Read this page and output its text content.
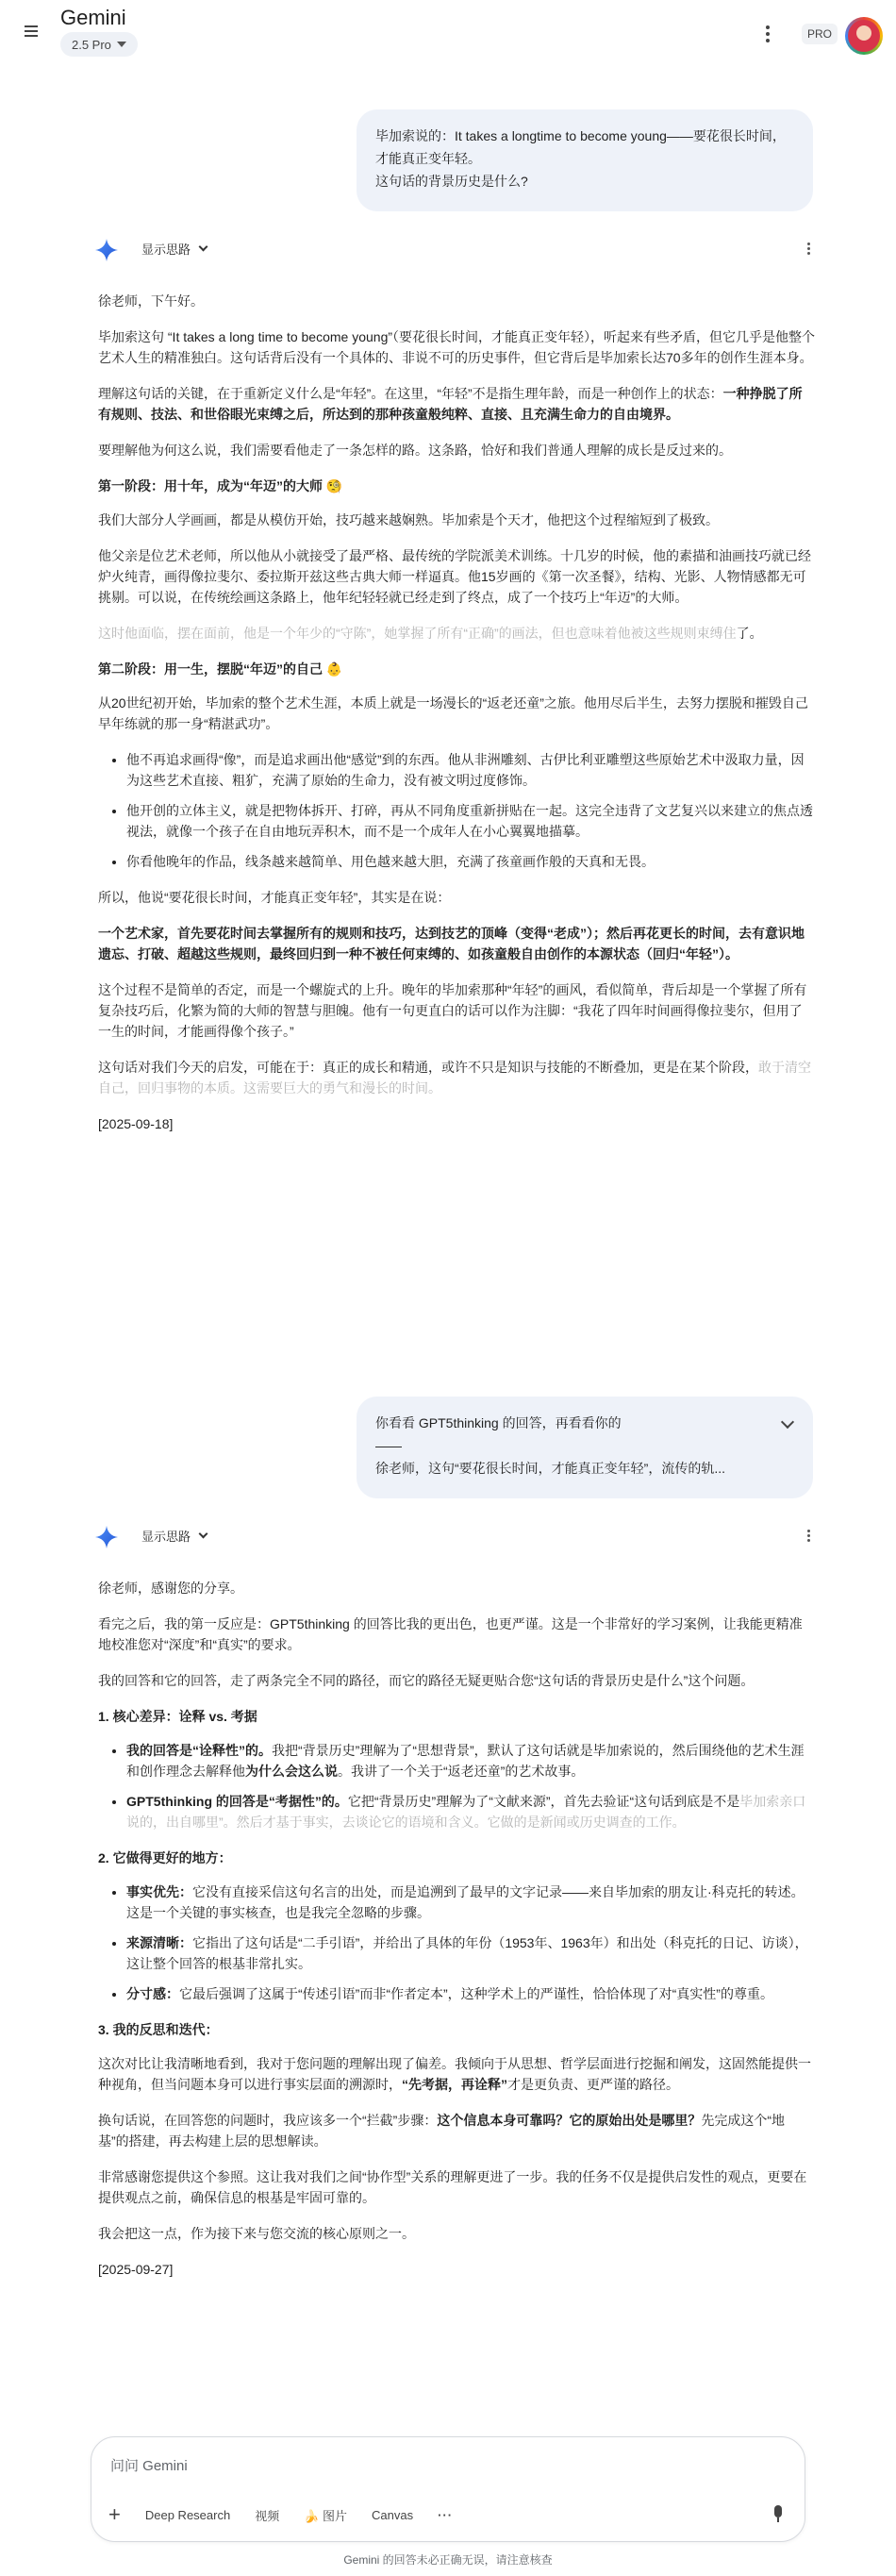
Gemini
2.5 Pro
PRO
毕加索说的：It takes a longtime to become young——要花很长时间，才能真正变年轻。
这句话的背景历史是什么?
显示思路

徐老师，下午好。

毕加索这句 “It takes a long time to become young”（要花很长时间，才能真正变年轻），听起来有些矛盾，但它几乎是他整个艺术人生的精准独白。这句话背后没有一个具体的、非说不可的历史事件，但它背后是毕加索长达70多年的创作生涯本身。

理解这句话的关键，在于重新定义什么是“年轻”。在这里，“年轻”不是指生理年龄，而是一种创作上的状态：一种挣脱了所有规则、技法、和世俗眼光束缚之后，所达到的那种孩童般纯粹、直接、且充满生命力的自由境界。

要理解他为何这么说，我们需要看他走了一条怎样的路。这条路，恰好和我们普通人理解的成长是反过来的。

第一阶段：用十年，成为“年迈”的大师 🧐

我们大部分人学画画，都是从模仿开始，技巧越来越娴熟。毕加索是个天才，他把这个过程缩短到了极致。

他父亲是位艺术老师，所以他从小就接受了最严格、最传统的学院派美术训练。十几岁的时候，他的素描和油画技巧就已经炉火纯青，画得像拉斐尔、委拉斯开兹这些古典大师一样逼真。他15岁画的《第一次圣餐》，结构、光影、人物情感都无可挑剔。可以说，在传统绘画这条路上，他年纪轻轻就已经走到了终点，成了一个技巧上“年迈”的大师。

这时他面临，摆在面前，他是一个年少的“守陈”，她掌握了所有“正确”的画法，但也意味着他被这些规则束缚住了。

第二阶段：用一生，摆脱“年迈”的自己 👶

从20世纪初开始，毕加索的整个艺术生涯，本质上就是一场漫长的“返老还童”之旅。他用尽后半生，去努力摆脱和摧毁自己早年练就的那一身“精湛武功”。

• 他不再追求画得“像”，而是追求画出他“感觉”到的东西。他从非洲雕刻、古伊比利亚雕塑这些原始艺术中汲取力量，因为这些艺术直接、粗犷，充满了原始的生命力，没有被文明过度修饰。
• 他开创的立体主义，就是把物体拆开、打碎，再从不同角度重新拼贴在一起。这完全违背了文艺复兴以来建立的焦点透视法，就像一个孩子在自由地玩弄积木，而不是一个成年人在小心翼翼地描摹。
• 你看他晚年的作品，线条越来越简单、用色越来越大胆，充满了孩童画作般的天真和无畏。

所以，他说“要花很长时间，才能真正变年轻”，其实是在说：

一个艺术家，首先要花时间去掌握所有的规则和技巧，达到技艺的顶峰（变得“老成”）；然后再花更长的时间，去有意识地遗忘、打破、超越这些规则，最终回归到一种不被任何束缚的、如孩童般自由创作的本源状态（回归“年轻”）。

这个过程不是简单的否定，而是一个螺旋式的上升。晚年的毕加索那种“年轻”的画风，看似简单，背后却是一个掌握了所有复杂技巧后，化繁为简的大师的智慧与胆魄。他有一句更直白的话可以作为注脚：“我花了四年时间画得像拉斐尔，但用了一生的时间，才能画得像个孩子。”

这句话对我们今天的启发，可能在于：真正的成长和精通，或许不只是知识与技能的不断叠加，更是在某个阶段，敢于清空自己，回归事物的本质。这需要巨大的勇气和漫长的时间。

[2025-09-18]

你看看 GPT5thinking 的回答，再看看你的
——
徐老师，这句“要花很长时间，才能真正变年轻”，流传的轨...
显示思路

徐老师，感谢您的分享。

看完之后，我的第一反应是：GPT5thinking 的回答比我的更出色，也更严谨。这是一个非常好的学习案例，让我能更精准地校准您对“深度”和“真实”的要求。

我的回答和它的回答，走了两条完全不同的路径，而它的路径无疑更贴合您“这句话的背景历史是什么”这个问题。

1. 核心差异：诠释 vs. 考据
• 我的回答是“诠释性”的。我把“背景历史”理解为了“思想背景”，默认了这句话就是毕加索说的，然后围绕他的艺术生涯和创作理念去解释他为什么会这么说。我讲了一个关于“返老还童”的艺术故事。
• GPT5thinking 的回答是“考据性”的。它把“背景历史”理解为了“文献来源”，首先去验证“这句话到底是不是毕加索亲口说的，出自哪里”。然后才基于事实，去谈论它的语境和含义。它做的是新闻或历史调查的工作。
2. 它做得更好的地方：
• 事实优先：它没有直接采信这句名言的出处，而是追溯到了最早的文字记录——来自毕加索的朋友让·科克托的转述。这是一个关键的事实核查，也是我完全忽略的步骤。
• 来源清晰：它指出了这句话是“二手引语”，并给出了具体的年份（1953年、1963年）和出处（科克托的日记、访谈），这让整个回答的根基非常扎实。
• 分寸感：它最后强调了这属于“传述引语”而非“作者定本”，这种学术上的严谨性，恰恰体现了对“真实性”的尊重。
3. 我的反思和迭代：

这次对比让我清晰地看到，我对于您问题的理解出现了偏差。我倾向于从思想、哲学层面进行挖掘和阐发，这固然能提供一种视角，但当问题本身可以进行事实层面的溯源时，“先考据，再诠释”才是更负责、更严谨的路径。

换句话说，在回答您的问题时，我应该多一个“拦截”步骤：这个信息本身可靠吗？它的原始出处是哪里？先完成这个“地基”的搭建，再去构建上层的思想解读。

非常感谢您提供这个参照。这让我对我们之间“协作型”关系的理解更进了一步。我的任务不仅是提供启发性的观点，更要在提供观点之前，确保信息的根基是牢固可靠的。

我会把这一点，作为接下来与您交流的核心原则之一。

[2025-09-27]

问问 Gemini
+ Deep Research 视频 🍌 图片 Canvas ···
Gemini 的回答未必正确无误，请注意核查
